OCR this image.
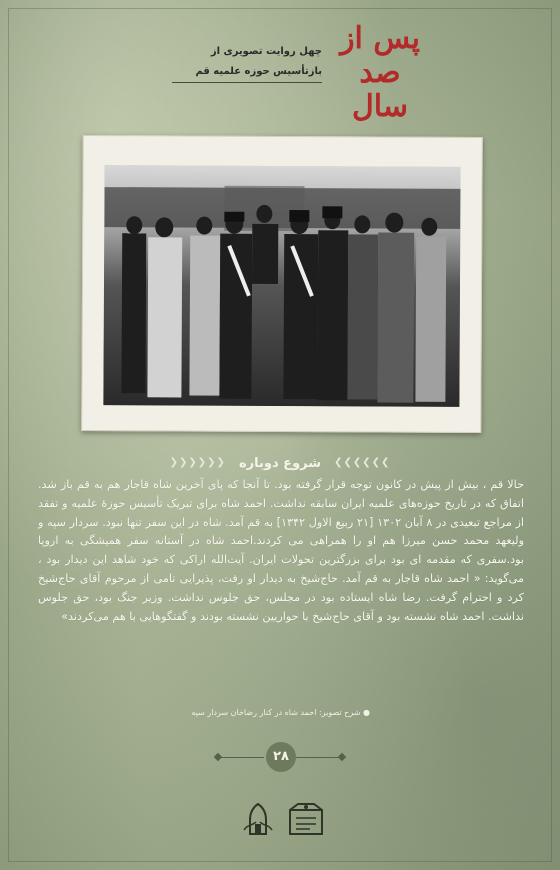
پس از
صد سال
چهل روایت تصویری از
بازتأسیس حوزه علمیه قم
❯❯❯❯❯❯ شروع دوباره ❮❮❮❮❮❮
حالا قم ، بیش از پیش در کانون توجه قرار گرفته بود. تا آنجا که پای آخرین شاه قاجار هم به قم باز شد. اتفاق که در تاریخ حوزه‌های علمیه ایران سابقه نداشت. احمد شاه برای تبریک تأسیس حوزهٔ علمیه و تفقد از مراجع تبعیدی در ۸ آبان ۱۳۰۲ [۲۱ ربیع الاول ۱۳۴۲] به قم آمد. شاه در این سفر تنها نبود. سردار سپه و ولیعهد محمد حسن میرزا هم او را همراهی می کردند.احمد شاه در آستانه سفر همیشگی به اروپا بود.سفری که مقدمه ای بود برای بزرگترین تحولات ایران. آیت‌الله اراکی که خود شاهد این دیدار بود ، می‌گوید: « احمد شاه قاجار به قم آمد. حاج‌شیخ به دیدار او رفت، پذیرایی تامی از مرحوم آقای حاج‌شیخ کرد و احترام گرفت. رضا شاه ایستاده بود در مجلس، حق جلوس نداشت. وزیر جنگ بود، حق جلوس نداشت. احمد شاه نشسته بود و آقای حاج‌شیخ با حواریین نشسته بودند و گفتگوهایی با هم می‌کردند»
● شرح تصویر: احمد شاه در کنار رضاخان سردار سپه
۲۸
